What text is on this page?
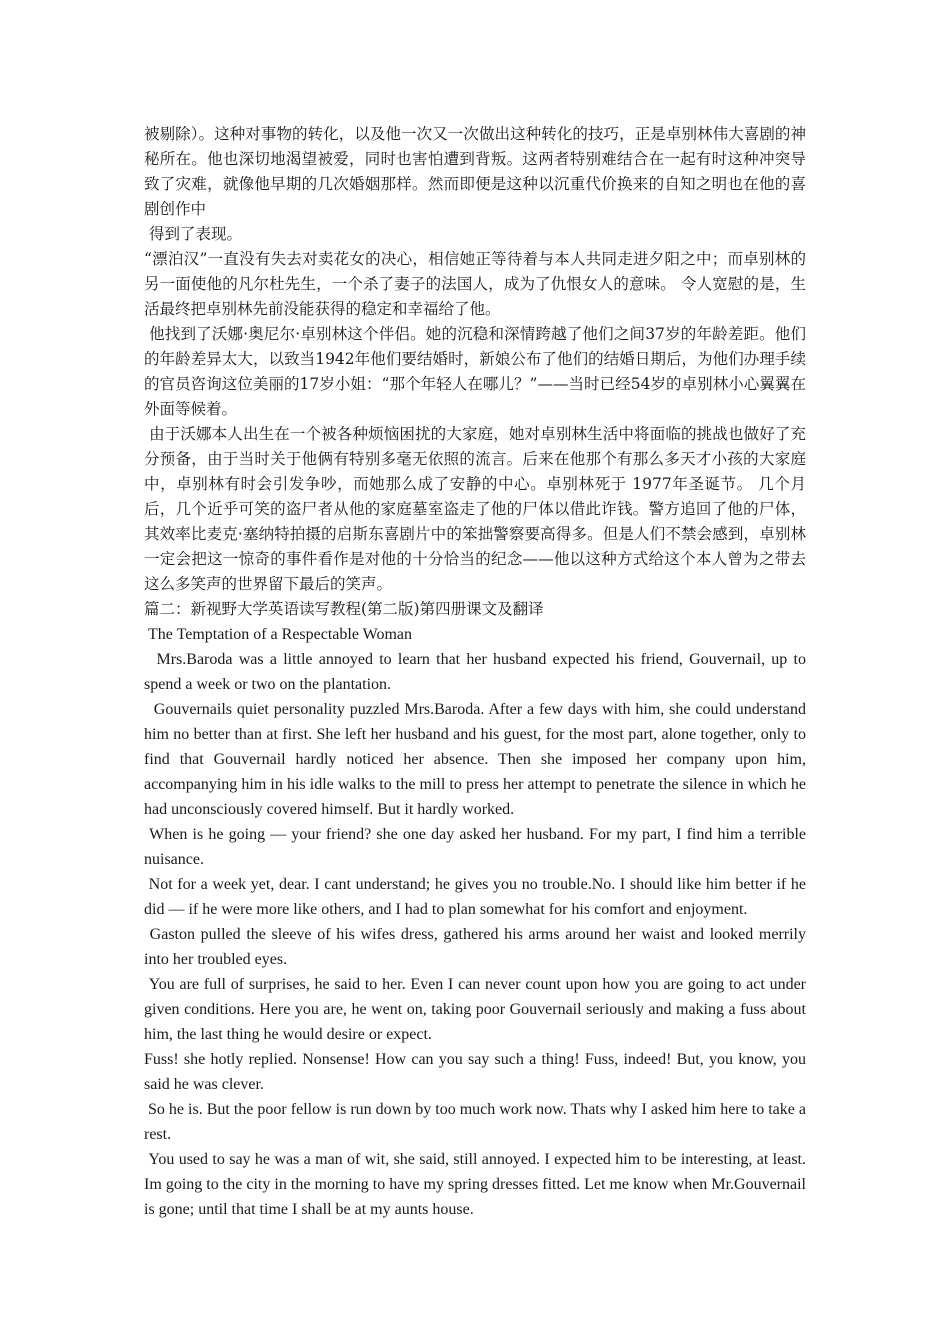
被剔除）。这种对事物的转化，以及他一次又一次做出这种转化的技巧，正是卓别林伟大喜剧的神秘所在。他也深切地渴望被爱，同时也害怕遭到背叛。这两者特别难结合在一起有时这种冲突导致了灾难，就像他早期的几次婚姻那样。然而即便是这种以沉重代价换来的自知之明也在他的喜剧创作中

得到了表现。

“漂泊汉”一直没有失去对卖花女的决心，相信她正等待着与本人共同走进夕阳之中；而卓别林的另一面使他的凡尔杜先生，一个杀了妻子的法国人，成为了仇恨女人的意味。 令人宽慰的是，生活最终把卓别林先前没能获得的稳定和幸福给了他。

他找到了沃娜·奥尼尔·卓别林这个伴侣。她的沉稳和深情跨越了他们之间37岁的年龄差距。他们的年龄差异太大，以致当1942年他们要结婚时，新娘公布了他们的结婚日期后，为他们办理手续的官员咨询这位美丽的17岁小姐：“那个年轻人在哪儿？”——当时已经54岁的卓别林小心翼翼在外面等候着。

由于沃娜本人出生在一个被各种烦恼困扰的大家庭，她对卓别林生活中将面临的挑战也做好了充分预备，由于当时关于他俩有特别多毫无依照的流言。后来在他那个有那么多天才小孩的大家庭中，卓别林有时会引发争吵，而她那么成了安静的中心。卓别林死于 1977年圣诞节。 几个月后，几个近乎可笑的盗尸者从他的家庭墓室盗走了他的尸体以借此诈钱。警方追回了他的尸体，其效率比麦克·塞纳特拍摄的启斯东喜剧片中的笨拙警察要高得多。但是人们不禁会感到，卓别林一定会把这一惊奇的事件看作是对他的十分恰当的纪念——他以这种方式给这个本人曾为之带去这么多笑声的世界留下最后的笑声。

篇二：新视野大学英语读写教程(第二版)第四册课文及翻译

The Temptation of a Respectable Woman

Mrs.Baroda was a little annoyed to learn that her husband expected his friend, Gouvernail, up to spend a week or two on the plantation.

Gouvernails quiet personality puzzled Mrs.Baroda. After a few days with him, she could understand him no better than at first. She left her husband and his guest, for the most part, alone together, only to find that Gouvernail hardly noticed her absence. Then she imposed her company upon him, accompanying him in his idle walks to the mill to press her attempt to penetrate the silence in which he had unconsciously covered himself. But it hardly worked.

When is he going — your friend? she one day asked her husband. For my part, I find him a terrible nuisance.

Not for a week yet, dear. I cant understand; he gives you no trouble.No. I should like him better if he did — if he were more like others, and I had to plan somewhat for his comfort and enjoyment.

Gaston pulled the sleeve of his wifes dress, gathered his arms around her waist and looked merrily into her troubled eyes.

You are full of surprises, he said to her. Even I can never count upon how you are going to act under given conditions. Here you are, he went on, taking poor Gouvernail seriously and making a fuss about him, the last thing he would desire or expect.

Fuss! she hotly replied. Nonsense! How can you say such a thing! Fuss, indeed! But, you know, you said he was clever.

So he is. But the poor fellow is run down by too much work now. Thats why I asked him here to take a rest.

You used to say he was a man of wit, she said, still annoyed. I expected him to be interesting, at least. Im going to the city in the morning to have my spring dresses fitted. Let me know when Mr.Gouvernail is gone; until that time I shall be at my aunts house.
